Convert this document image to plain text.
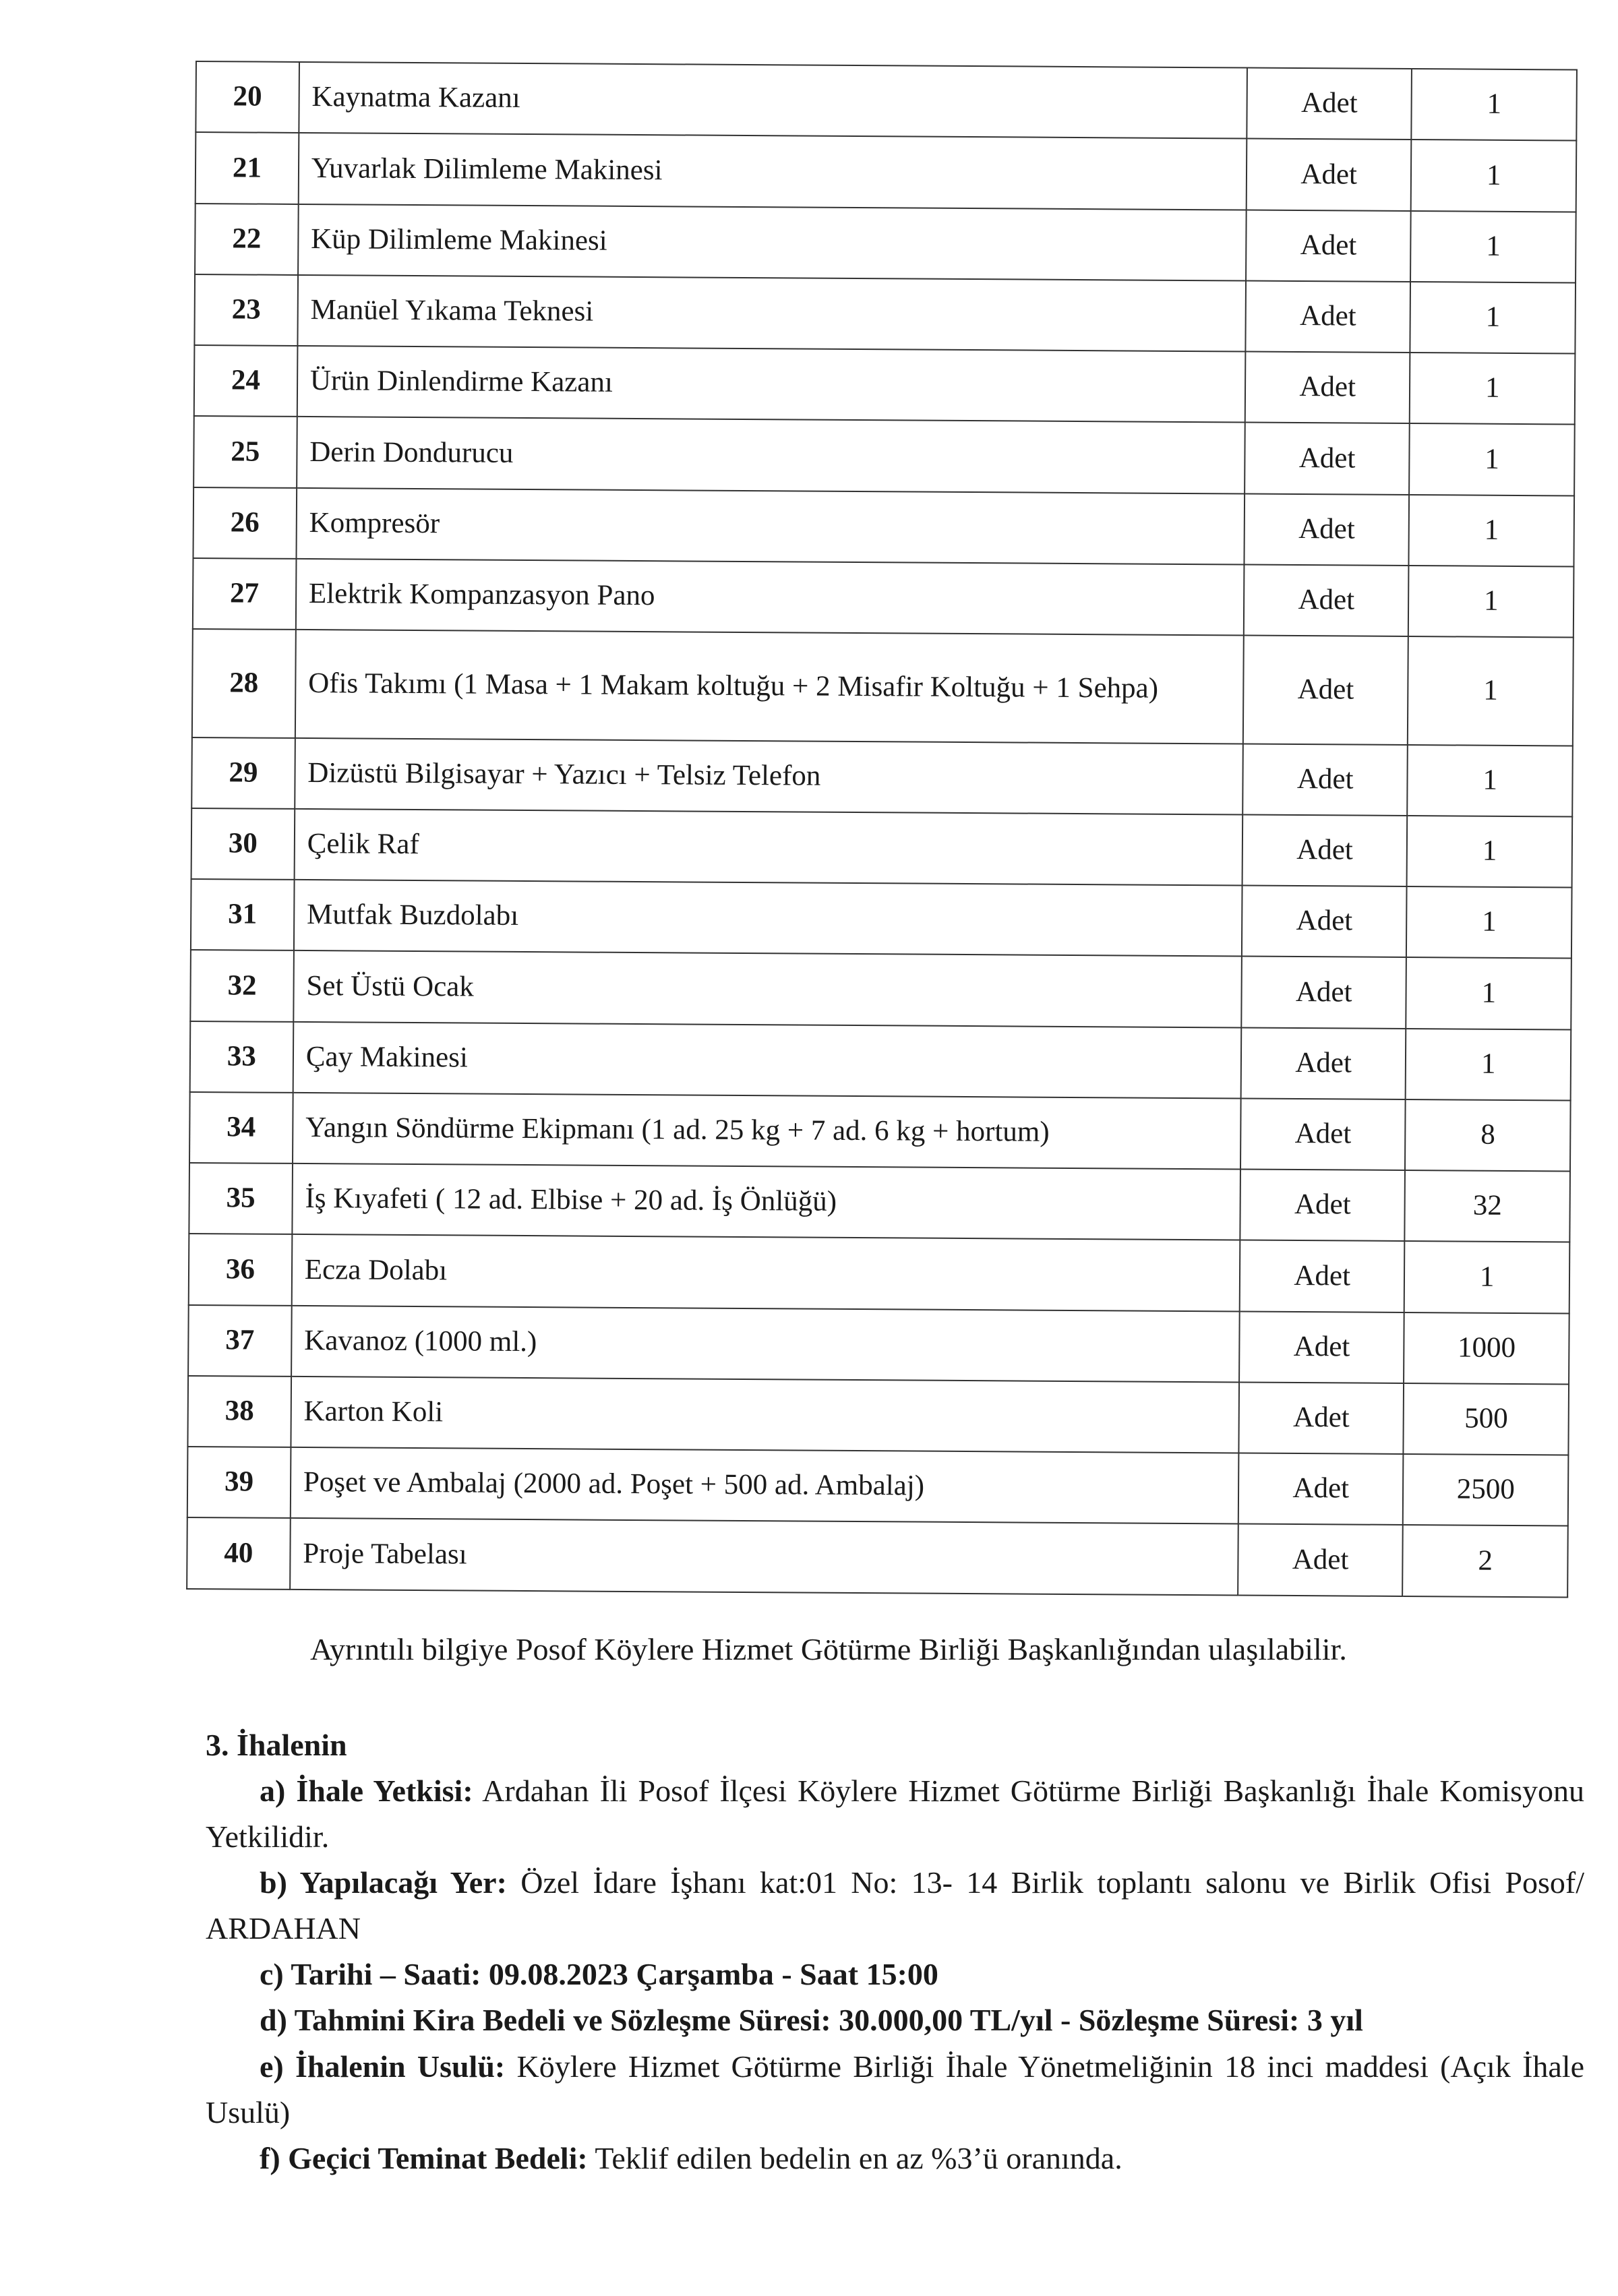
20	Kaynatma Kazanı	Adet	1
21	Yuvarlak Dilimleme Makinesi	Adet	1
22	Küp Dilimleme Makinesi	Adet	1
23	Manüel Yıkama Teknesi	Adet	1
24	Ürün Dinlendirme Kazanı	Adet	1
25	Derin Dondurucu	Adet	1
26	Kompresör	Adet	1
27	Elektrik Kompanzasyon Pano	Adet	1
28	Ofis Takımı (1 Masa + 1 Makam koltuğu + 2 Misafir Koltuğu + 1 Sehpa)	Adet	1
29	Dizüstü Bilgisayar + Yazıcı + Telsiz Telefon	Adet	1
30	Çelik Raf	Adet	1
31	Mutfak Buzdolabı	Adet	1
32	Set Üstü Ocak	Adet	1
33	Çay Makinesi	Adet	1
34	Yangın Söndürme Ekipmanı (1 ad. 25 kg + 7 ad. 6 kg + hortum)	Adet	8
35	İş Kıyafeti ( 12 ad. Elbise + 20 ad. İş Önlüğü)	Adet	32
36	Ecza Dolabı	Adet	1
37	Kavanoz (1000 ml.)	Adet	1000
38	Karton Koli	Adet	500
39	Poşet ve Ambalaj (2000 ad. Poşet + 500 ad. Ambalaj)	Adet	2500
40	Proje Tabelası	Adet	2
Ayrıntılı bilgiye Posof Köylere Hizmet Götürme Birliği Başkanlığından ulaşılabilir.

3. İhalenin

a) İhale Yetkisi: Ardahan İli Posof İlçesi Köylere Hizmet Götürme Birliği Başkanlığı İhale Komisyonu Yetkilidir.

b) Yapılacağı Yer: Özel İdare İşhanı kat:01 No: 13- 14 Birlik toplantı salonu ve Birlik Ofisi Posof/ ARDAHAN

c) Tarihi – Saati: 09.08.2023 Çarşamba - Saat 15:00

d) Tahmini Kira Bedeli ve Sözleşme Süresi: 30.000,00 TL/yıl - Sözleşme Süresi: 3 yıl

e) İhalenin Usulü: Köylere Hizmet Götürme Birliği İhale Yönetmeliğinin 18 inci maddesi (Açık İhale Usulü)

f) Geçici Teminat Bedeli: Teklif edilen bedelin en az %3’ü oranında.
